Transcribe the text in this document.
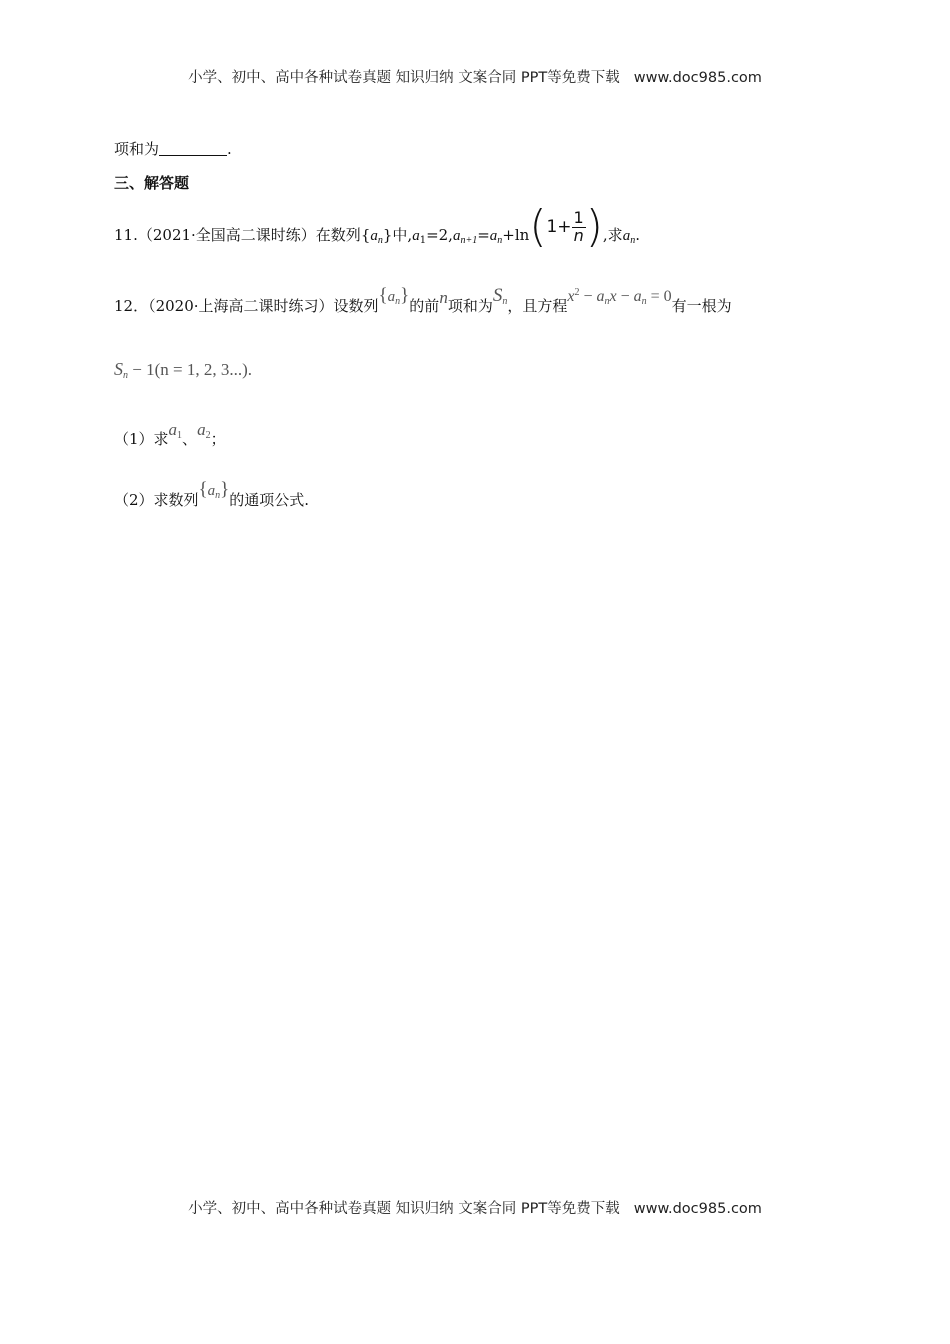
小学、初中、高中各种试卷真题 知识归纳 文案合同 PPT等免费下载 www.doc985.com
项和为	.
三、解答题
11.（2021·全国高二课时练）在数列$\{a_n\}$中$,a_1=2,a_{n+1}=a_n+\ln(1+ \frac{1}{n}$ ),求$a_n$.
12．（2020·上海高二课时练习）设数列$\{a_n\}$的前n项和为$S_n$，且方程$x^2 - a_nx - a_n = 0$有一根为
$S_n - 1(n = 1$, 2, 3...).
（1）求$a_1$、$a_2$；
（2）求数列$\{a_n\}$的通项公式.
小学、初中、高中各种试卷真题 知识归纳 文案合同 PPT等免费下载 www.doc985.com
